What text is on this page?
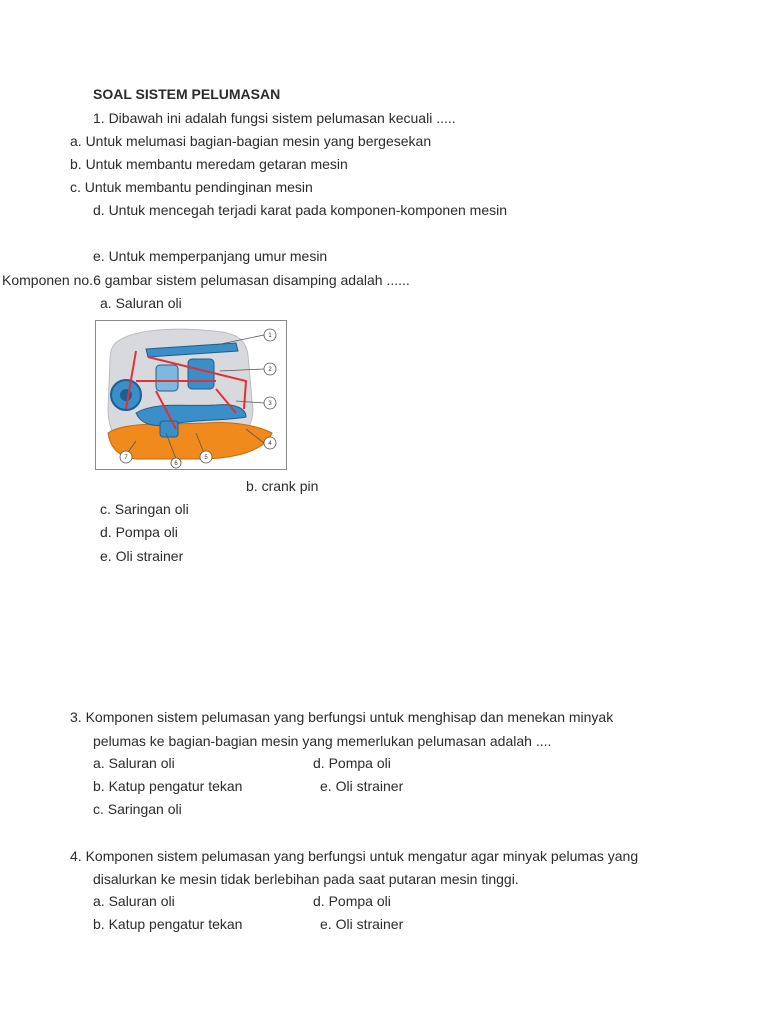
SOAL SISTEM PELUMASAN
1. Dibawah ini adalah fungsi sistem pelumasan kecuali .....
a. Untuk melumasi bagian-bagian mesin yang bergesekan
b. Untuk membantu meredam getaran mesin
c. Untuk membantu pendinginan mesin
d. Untuk mencegah terjadi karat pada komponen-komponen mesin
e. Untuk memperpanjang umur mesin
Komponen no.6 gambar sistem pelumasan disamping adalah ......
a. Saluran oli
1
2
3
4
5
6
7
b. crank pin
c. Saringan oli
d. Pompa oli
e. Oli strainer
3. Komponen sistem pelumasan yang berfungsi untuk menghisap dan menekan minyak
pelumas ke bagian-bagian mesin yang memerlukan pelumasan adalah ....
a. Saluran oli	d. Pompa oli
b. Katup pengatur tekan	e. Oli strainer
c. Saringan oli
4. Komponen sistem pelumasan yang berfungsi untuk mengatur agar minyak pelumas yang
disalurkan ke mesin tidak berlebihan pada saat putaran mesin tinggi.
a. Saluran oli	d. Pompa oli
b. Katup pengatur tekan	e. Oli strainer
